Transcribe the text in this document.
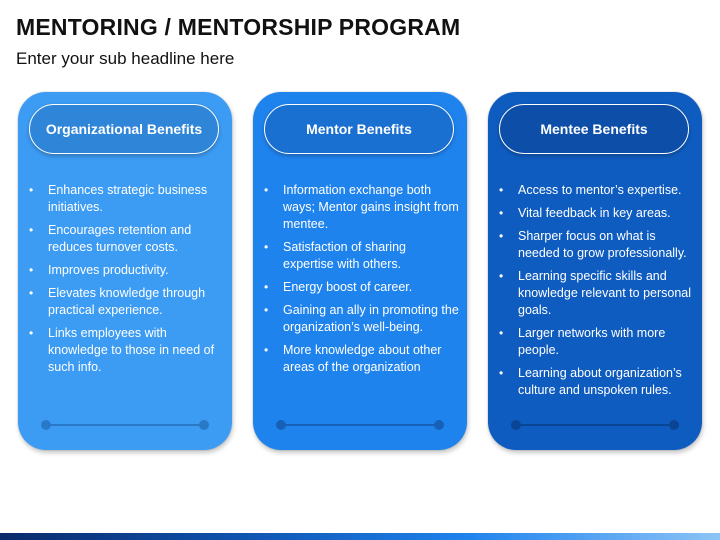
MENTORING / MENTORSHIP PROGRAM
Enter your sub headline here
Organizational Benefits
• Enhances strategic business initiatives.
• Encourages retention and reduces turnover costs.
• Improves productivity.
• Elevates knowledge through practical experience.
• Links employees with knowledge to those in need of such info.
Mentor Benefits
• Information exchange both ways; Mentor gains insight from mentee.
• Satisfaction of sharing expertise with others.
• Energy boost of career.
• Gaining an ally in promoting the organization’s well-being.
• More knowledge about other areas of the organization
Mentee Benefits
• Access to mentor’s expertise.
• Vital feedback in key areas.
• Sharper focus on what is needed to grow professionally.
• Learning specific skills and knowledge relevant to personal goals.
• Larger networks with more people.
• Learning about organization’s culture and unspoken rules.
